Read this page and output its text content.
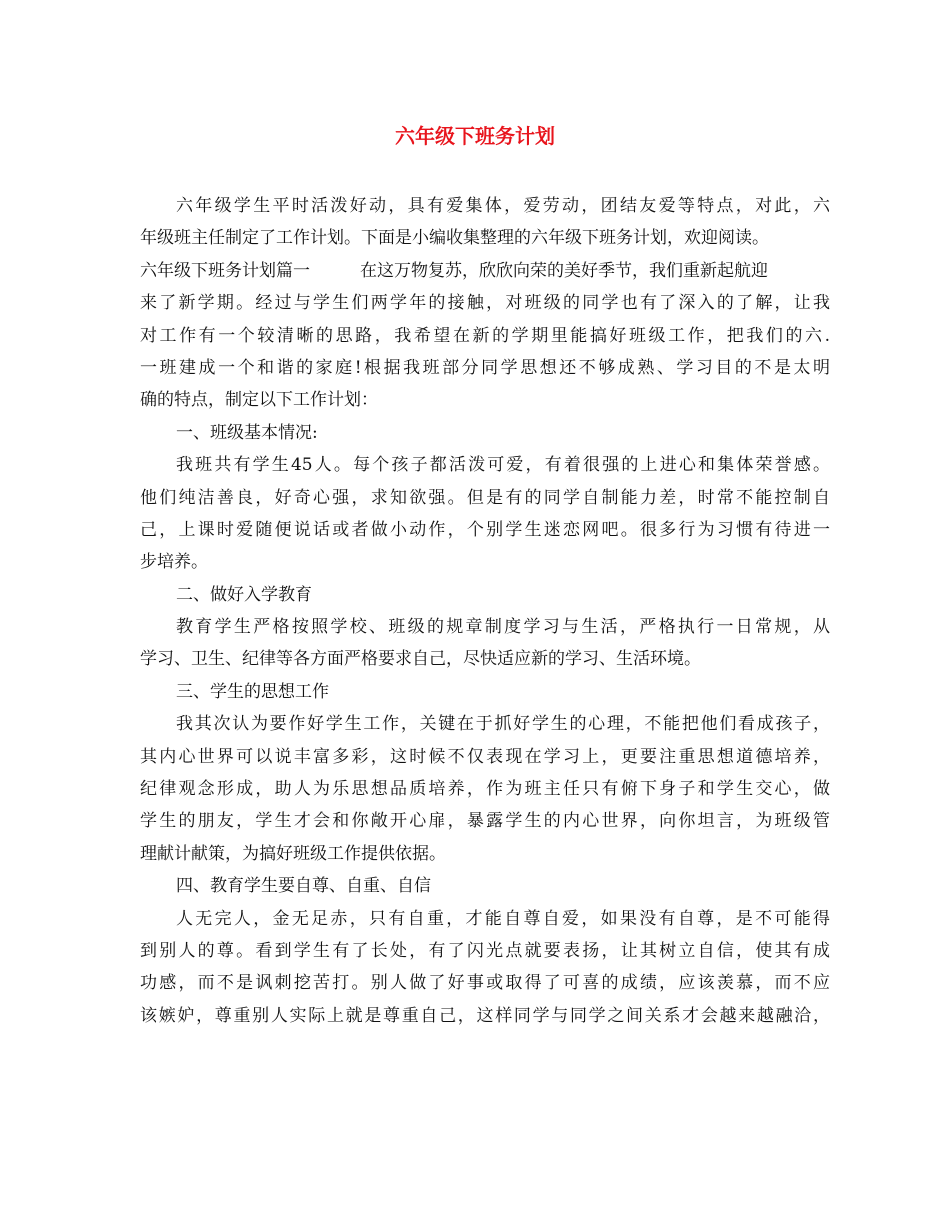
六年级下班务计划
六年级学生平时活泼好动，具有爱集体，爱劳动，团结友爱等特点，对此，六
年级班主任制定了工作计划。下面是小编收集整理的六年级下班务计划，欢迎阅读。
六年级下班务计划篇一	在这万物复苏，欣欣向荣的美好季节，我们重新起航迎
来了新学期。经过与学生们两学年的接触，对班级的同学也有了深入的了解，让我
对工作有一个较清晰的思路，我希望在新的学期里能搞好班级工作，把我们的六.
一班建成一个和谐的家庭!根据我班部分同学思想还不够成熟、学习目的不是太明
确的特点，制定以下工作计划：
一、班级基本情况:
我班共有学生45人。每个孩子都活泼可爱，有着很强的上进心和集体荣誉感。
他们纯洁善良，好奇心强，求知欲强。但是有的同学自制能力差，时常不能控制自
己，上课时爱随便说话或者做小动作，个别学生迷恋网吧。很多行为习惯有待进一
步培养。
二、做好入学教育
教育学生严格按照学校、班级的规章制度学习与生活，严格执行一日常规，从
学习、卫生、纪律等各方面严格要求自己，尽快适应新的学习、生活环境。
三、学生的思想工作
我其次认为要作好学生工作，关键在于抓好学生的心理，不能把他们看成孩子，
其内心世界可以说丰富多彩，这时候不仅表现在学习上，更要注重思想道德培养，
纪律观念形成，助人为乐思想品质培养，作为班主任只有俯下身子和学生交心，做
学生的朋友，学生才会和你敞开心扉，暴露学生的内心世界，向你坦言，为班级管
理献计献策，为搞好班级工作提供依据。
四、教育学生要自尊、自重、自信
人无完人，金无足赤，只有自重，才能自尊自爱，如果没有自尊，是不可能得
到别人的尊。看到学生有了长处，有了闪光点就要表扬，让其树立自信，使其有成
功感，而不是讽刺挖苦打。别人做了好事或取得了可喜的成绩，应该羡慕，而不应
该嫉妒，尊重别人实际上就是尊重自己，这样同学与同学之间关系才会越来越融洽，
